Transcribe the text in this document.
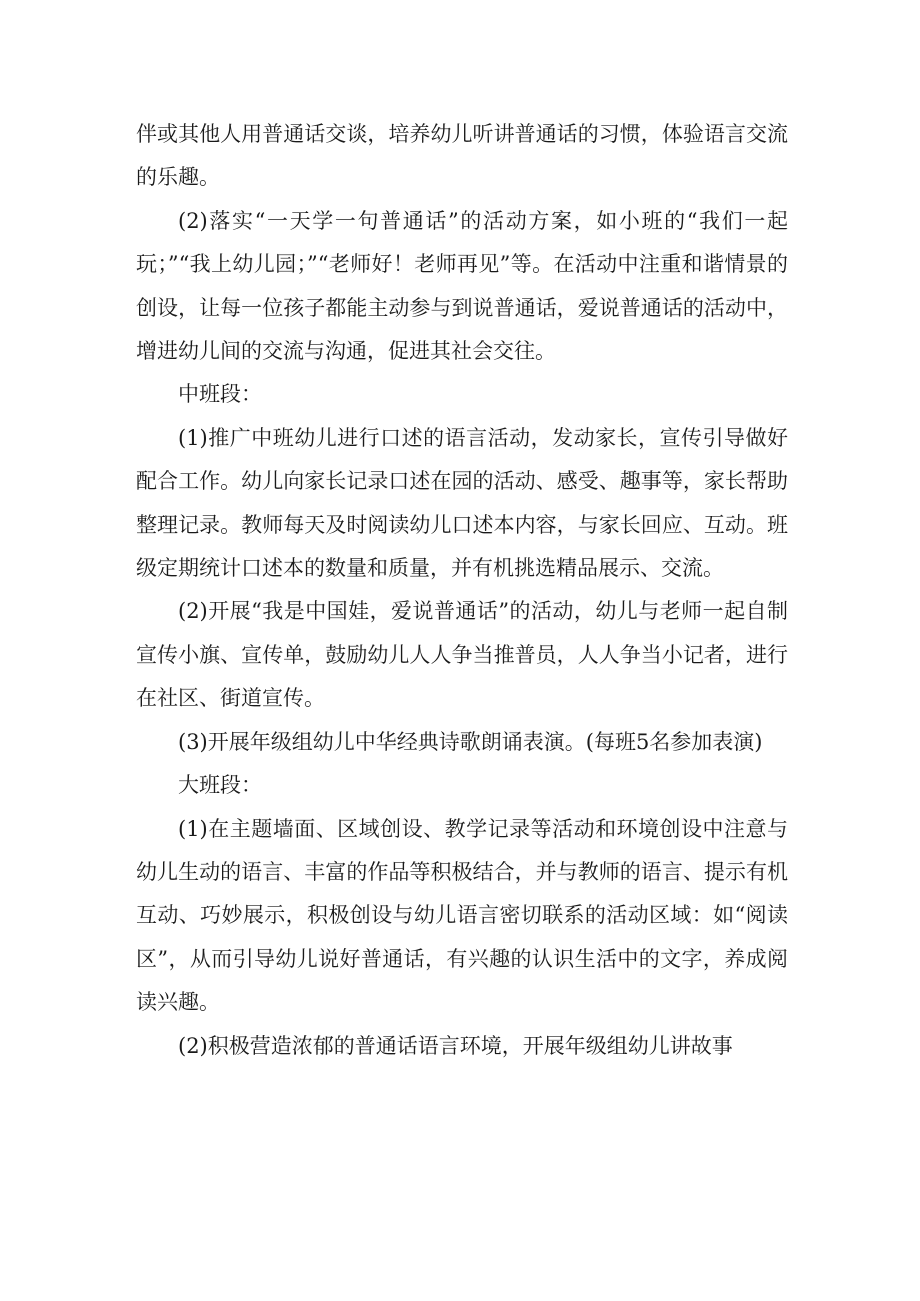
伴或其他人用普通话交谈，培养幼儿听讲普通话的习惯，体验语言交流的乐趣。

(2)落实“一天学一句普通话”的活动方案，如小班的“我们一起玩；”“我上幼儿园；”“老师好！老师再见”等。在活动中注重和谐情景的创设，让每一位孩子都能主动参与到说普通话，爱说普通话的活动中，增进幼儿间的交流与沟通，促进其社会交往。

中班段：

(1)推广中班幼儿进行口述的语言活动，发动家长，宣传引导做好配合工作。幼儿向家长记录口述在园的活动、感受、趣事等，家长帮助整理记录。教师每天及时阅读幼儿口述本内容，与家长回应、互动。班级定期统计口述本的数量和质量，并有机挑选精品展示、交流。

(2)开展“我是中国娃，爱说普通话”的活动，幼儿与老师一起自制宣传小旗、宣传单，鼓励幼儿人人争当推普员，人人争当小记者，进行在社区、街道宣传。

(3)开展年级组幼儿中华经典诗歌朗诵表演。(每班5名参加表演)

大班段：

(1)在主题墙面、区域创设、教学记录等活动和环境创设中注意与幼儿生动的语言、丰富的作品等积极结合，并与教师的语言、提示有机互动、巧妙展示，积极创设与幼儿语言密切联系的活动区域：如“阅读区”，从而引导幼儿说好普通话，有兴趣的认识生活中的文字，养成阅读兴趣。

(2)积极营造浓郁的普通话语言环境，开展年级组幼儿讲故事
